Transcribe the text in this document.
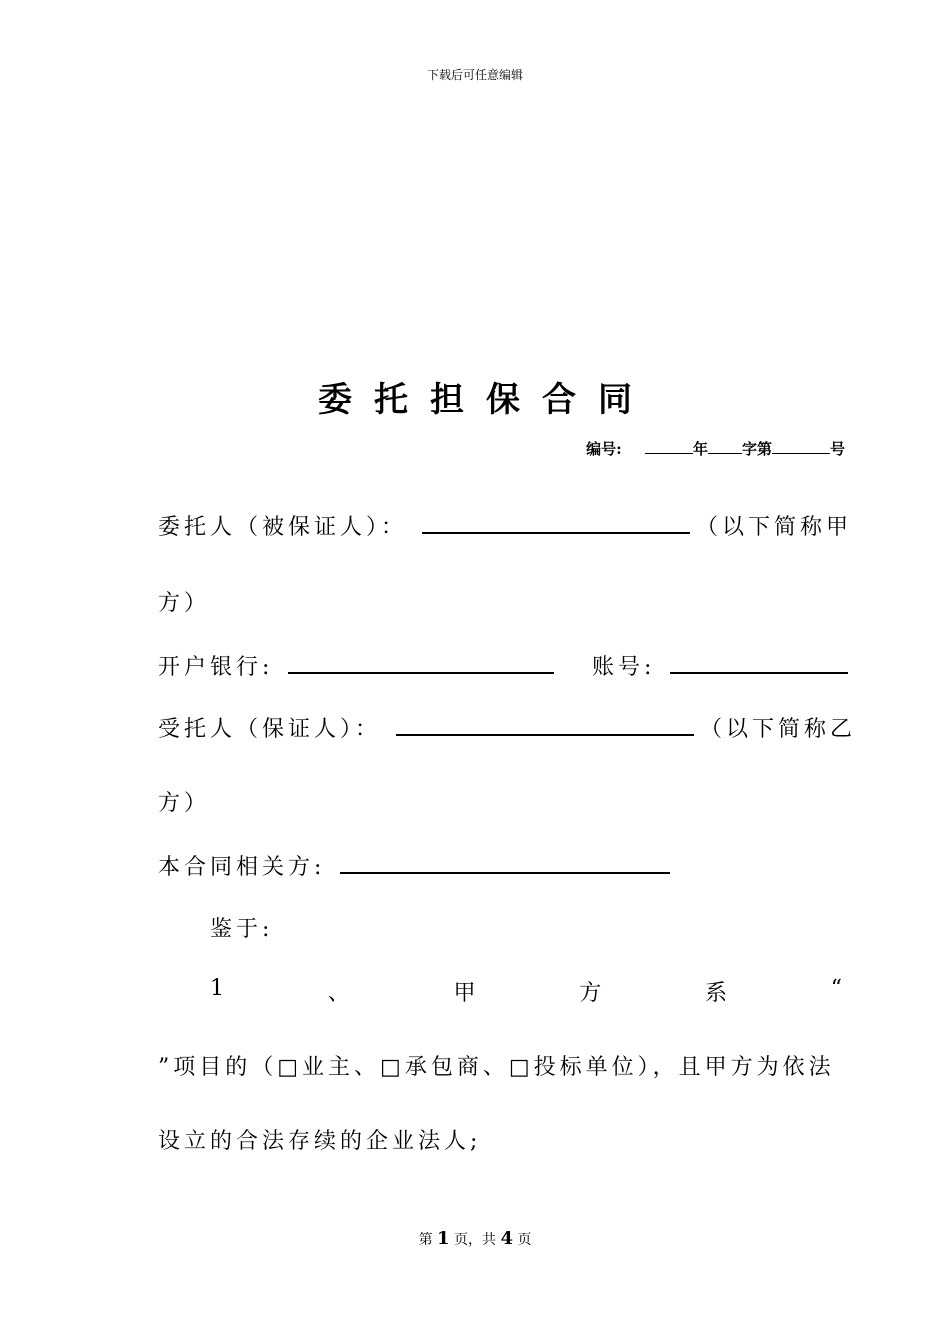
下载后可任意编辑
委托担保合同
编号:	年 字第	号
委托人（被保证人）：	（以下简称甲
方）
开户银行:	账号:
受托人（保证人）：	（以下简称乙
方）
本合同相关方:
鉴于:
1	、	甲	方	系	“
”项目的（□业主、□承包商、□投标单位），且甲方为依法
设立的合法存续的企业法人;
第 1 页，共 4 页
